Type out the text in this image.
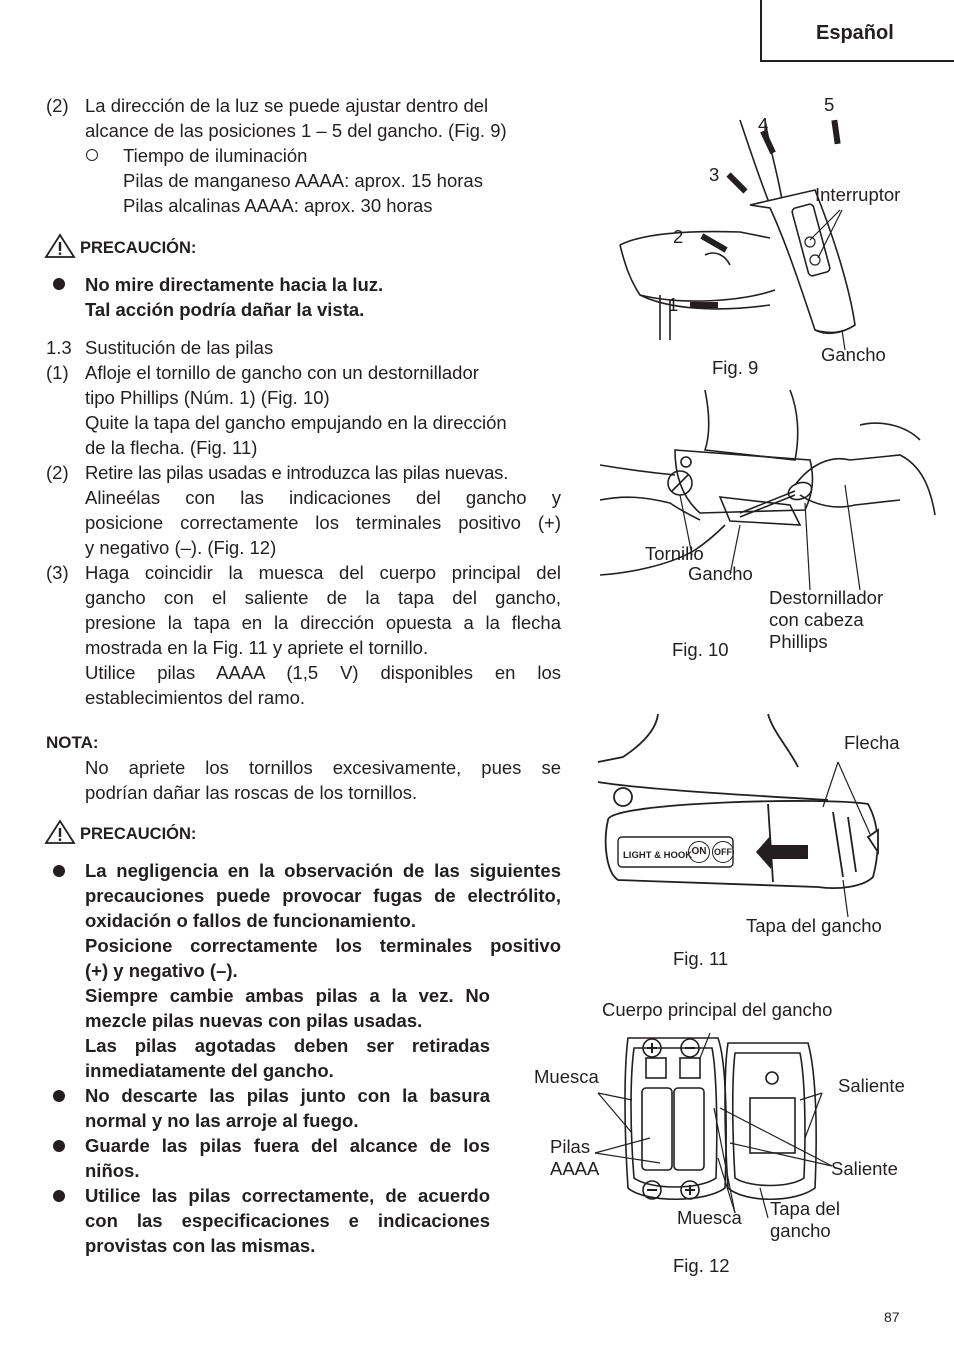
Español
(2) La dirección de la luz se puede ajustar dentro del
alcance de las posiciones 1 – 5 del gancho. (Fig. 9)
Tiempo de iluminación
Pilas de manganeso AAAA: aprox. 15 horas
Pilas alcalinas AAAA: aprox. 30 horas
PRECAUCIÓN:
No mire directamente hacia la luz.
Tal acción podría dañar la vista.
1.3 Sustitución de las pilas
(1) Afloje el tornillo de gancho con un destornillador
tipo Phillips (Núm. 1) (Fig. 10)
Quite la tapa del gancho empujando en la dirección
de la flecha. (Fig. 11)
(2) Retire las pilas usadas e introduzca las pilas nuevas.
Alineélas con las indicaciones del gancho y
posicione correctamente los terminales positivo (+)
y negativo (–). (Fig. 12)
(3) Haga coincidir la muesca del cuerpo principal del
gancho con el saliente de la tapa del gancho,
presione la tapa en la dirección opuesta a la flecha
mostrada en la Fig. 11 y apriete el tornillo.
Utilice pilas AAAA (1,5 V) disponibles en los
establecimientos del ramo.
NOTA:
No apriete los tornillos excesivamente, pues se
podrían dañar las roscas de los tornillos.
PRECAUCIÓN:
La negligencia en la observación de las siguientes
precauciones puede provocar fugas de electrólito,
oxidación o fallos de funcionamiento.
Posicione correctamente los terminales positivo
(+) y negativo (–).
Siempre cambie ambas pilas a la vez. No
mezcle pilas nuevas con pilas usadas.
Las pilas agotadas deben ser retiradas
inmediatamente del gancho.
No descarte las pilas junto con la basura
normal y no las arroje al fuego.
Guarde las pilas fuera del alcance de los
niños.
Utilice las pilas correctamente, de acuerdo
con las especificaciones e indicaciones
provistas con las mismas.
5
4
3
2
1
Interruptor
Gancho
Fig. 9
Tornillo
Gancho
Destornillador
con cabeza
Phillips
Fig. 10
LIGHT & HOOK ON OFF
Flecha
Tapa del gancho
Fig. 11
Cuerpo principal del gancho
Muesca	Saliente
Pilas
AAAA	Saliente
Muesca Tapa del
gancho
Fig. 12
87
